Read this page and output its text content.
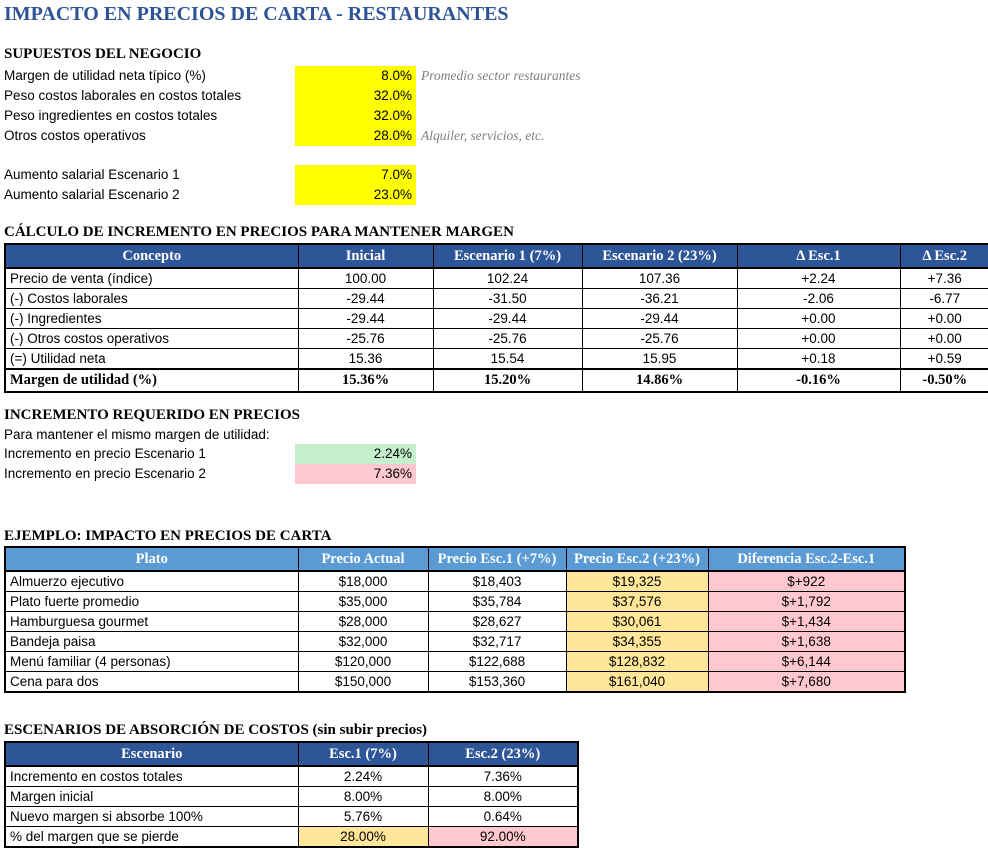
IMPACTO EN PRECIOS DE CARTA - RESTAURANTES
SUPUESTOS DEL NEGOCIO
Margen de utilidad neta típico (%)	8.0% Promedio sector restaurantes
Peso costos laborales en costos totales	32.0%
Peso ingredientes en costos totales	32.0%
Otros costos operativos	28.0% Alquiler, servicios, etc.
Aumento salarial Escenario 1	7.0%
Aumento salarial Escenario 2	23.0%
CÁLCULO DE INCREMENTO EN PRECIOS PARA MANTENER MARGEN
Concepto	Inicial	Escenario 1 (7%)	Escenario 2 (23%)	Δ Esc.1	Δ Esc.2
Precio de venta (índice)	100.00	102.24	107.36	+2.24	+7.36
(-) Costos laborales	-29.44	-31.50	-36.21	-2.06	-6.77
(-) Ingredientes	-29.44	-29.44	-29.44	+0.00	+0.00
(-) Otros costos operativos	-25.76	-25.76	-25.76	+0.00	+0.00
(=) Utilidad neta	15.36	15.54	15.95	+0.18	+0.59
Margen de utilidad (%)	15.36%	15.20%	14.86%	-0.16%	-0.50%
INCREMENTO REQUERIDO EN PRECIOS
Para mantener el mismo margen de utilidad:
Incremento en precio Escenario 1	2.24%
Incremento en precio Escenario 2	7.36%
EJEMPLO: IMPACTO EN PRECIOS DE CARTA
Plato	Precio Actual	Precio Esc.1 (+7%)	Precio Esc.2 (+23%)	Diferencia Esc.2-Esc.1
Almuerzo ejecutivo	$18,000	$18,403	$19,325	$+922
Plato fuerte promedio	$35,000	$35,784	$37,576	$+1,792
Hamburguesa gourmet	$28,000	$28,627	$30,061	$+1,434
Bandeja paisa	$32,000	$32,717	$34,355	$+1,638
Menú familiar (4 personas)	$120,000	$122,688	$128,832	$+6,144
Cena para dos	$150,000	$153,360	$161,040	$+7,680
ESCENARIOS DE ABSORCIÓN DE COSTOS (sin subir precios)
Escenario	Esc.1 (7%)	Esc.2 (23%)
Incremento en costos totales	2.24%	7.36%
Margen inicial	8.00%	8.00%
Nuevo margen si absorbe 100%	5.76%	0.64%
% del margen que se pierde	28.00%	92.00%
